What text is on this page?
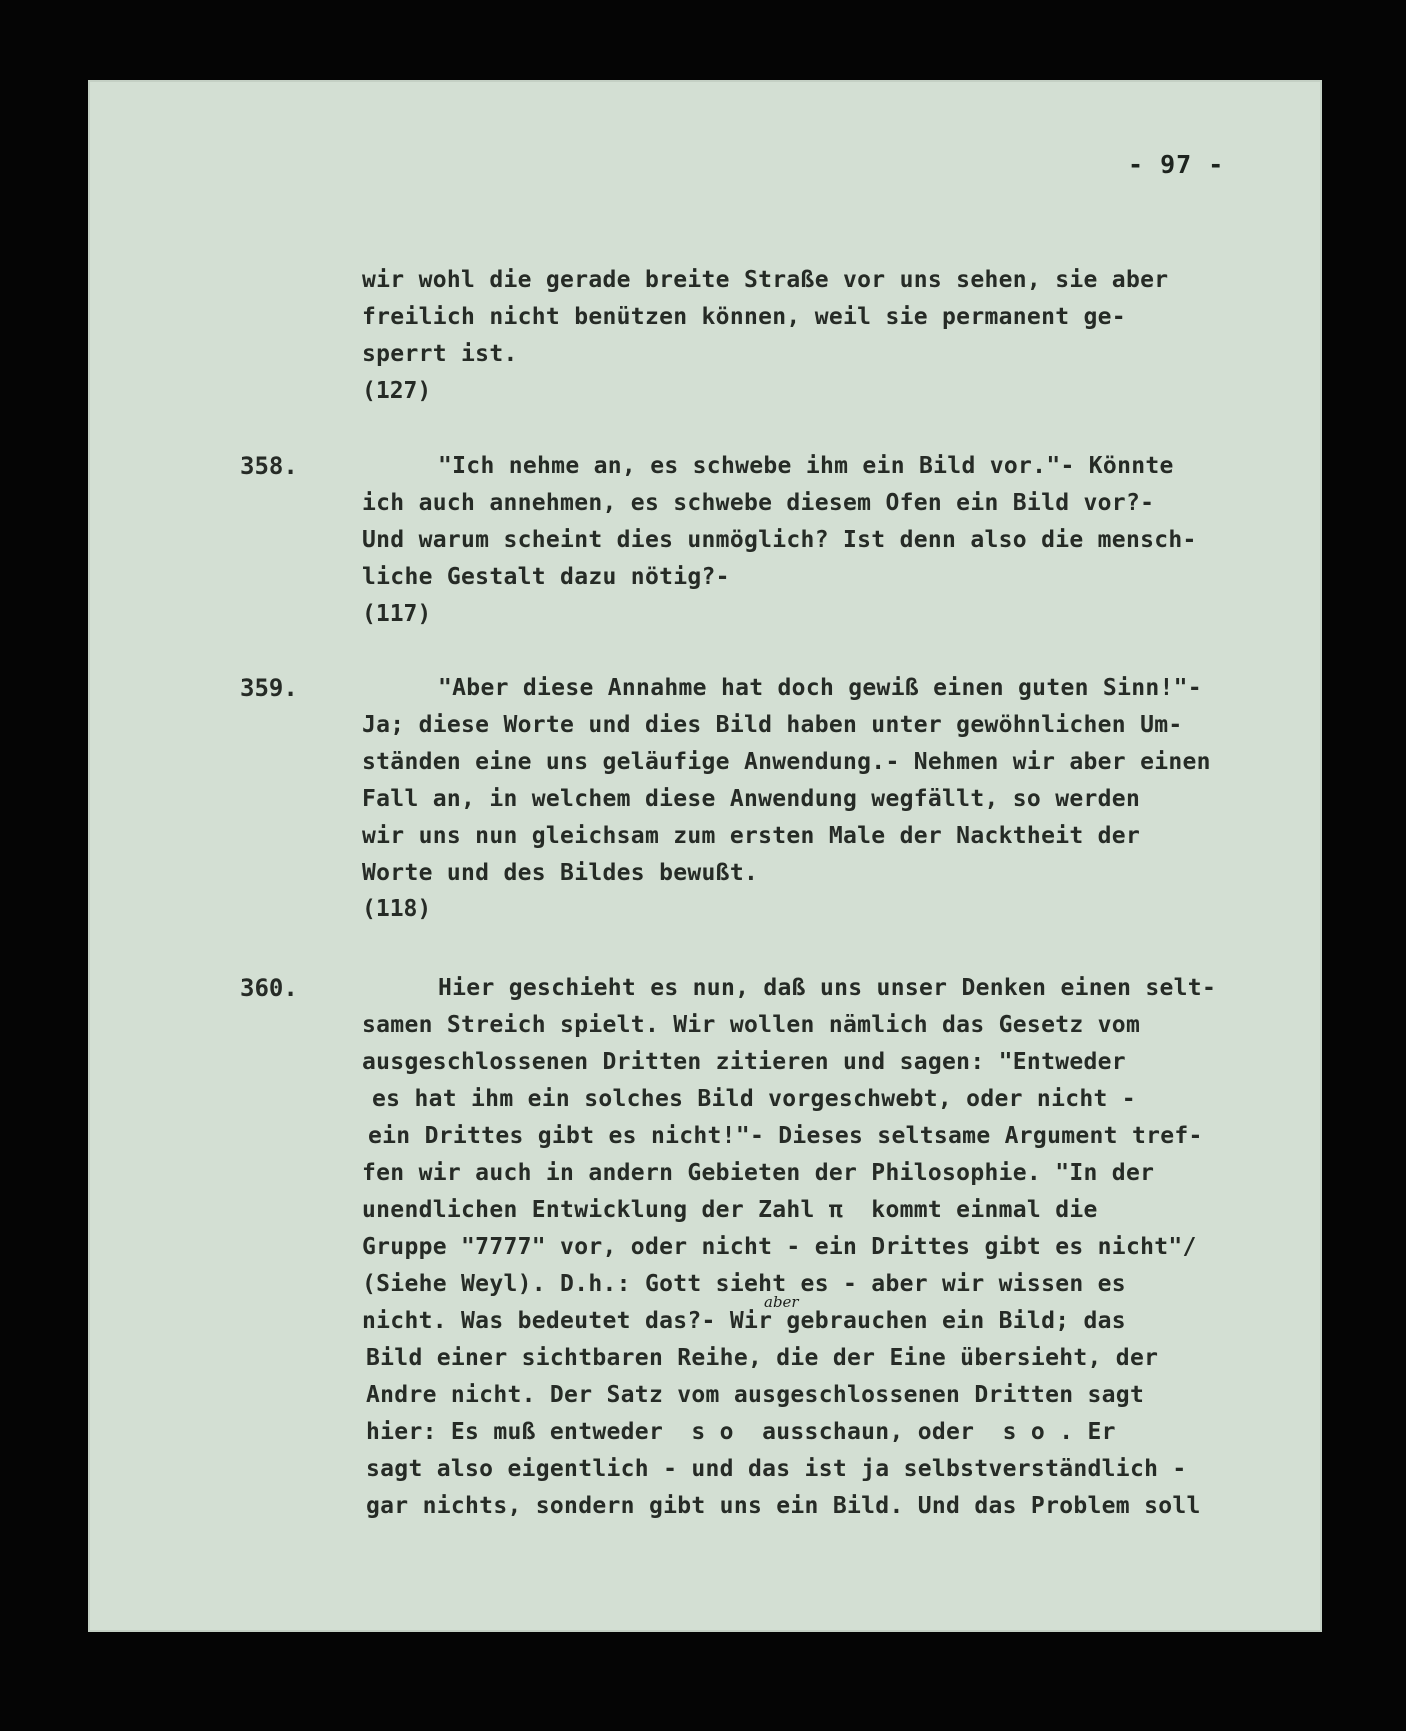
- 97 -
wir wohl die gerade breite Straße vor uns sehen, sie aber
freilich nicht benützen können, weil sie permanent ge-
sperrt ist.
(127)
358.	"Ich nehme an, es schwebe ihm ein Bild vor."- Könnte
ich auch annehmen, es schwebe diesem Ofen ein Bild vor?-
Und warum scheint dies unmöglich? Ist denn also die mensch-
liche Gestalt dazu nötig?-
(117)
359.	"Aber diese Annahme hat doch gewiß einen guten Sinn!"-
Ja; diese Worte und dies Bild haben unter gewöhnlichen Um-
ständen eine uns geläufige Anwendung.- Nehmen wir aber einen
Fall an, in welchem diese Anwendung wegfällt, so werden
wir uns nun gleichsam zum ersten Male der Nacktheit der
Worte und des Bildes bewußt.
(118)
360.	Hier geschieht es nun, daß uns unser Denken einen selt-
samen Streich spielt. Wir wollen nämlich das Gesetz vom
ausgeschlossenen Dritten zitieren und sagen: "Entweder
es hat ihm ein solches Bild vorgeschwebt, oder nicht -
ein Drittes gibt es nicht!"- Dieses seltsame Argument tref-
fen wir auch in andern Gebieten der Philosophie. "In der
unendlichen Entwicklung der Zahl π  kommt einmal die
Gruppe "7777" vor, oder nicht - ein Drittes gibt es nicht"/
(Siehe Weyl). D.h.: Gott sieht es - aber wir wissen es
nicht. Was bedeutet das?- Wir gebrauchen ein Bild; das
Bild einer sichtbaren Reihe, die der Eine übersieht, der
Andre nicht. Der Satz vom ausgeschlossenen Dritten sagt
hier: Es muß entweder  s o  ausschaun, oder  s o . Er
sagt also eigentlich - und das ist ja selbstverständlich -
gar nichts, sondern gibt uns ein Bild. Und das Problem soll
aber
